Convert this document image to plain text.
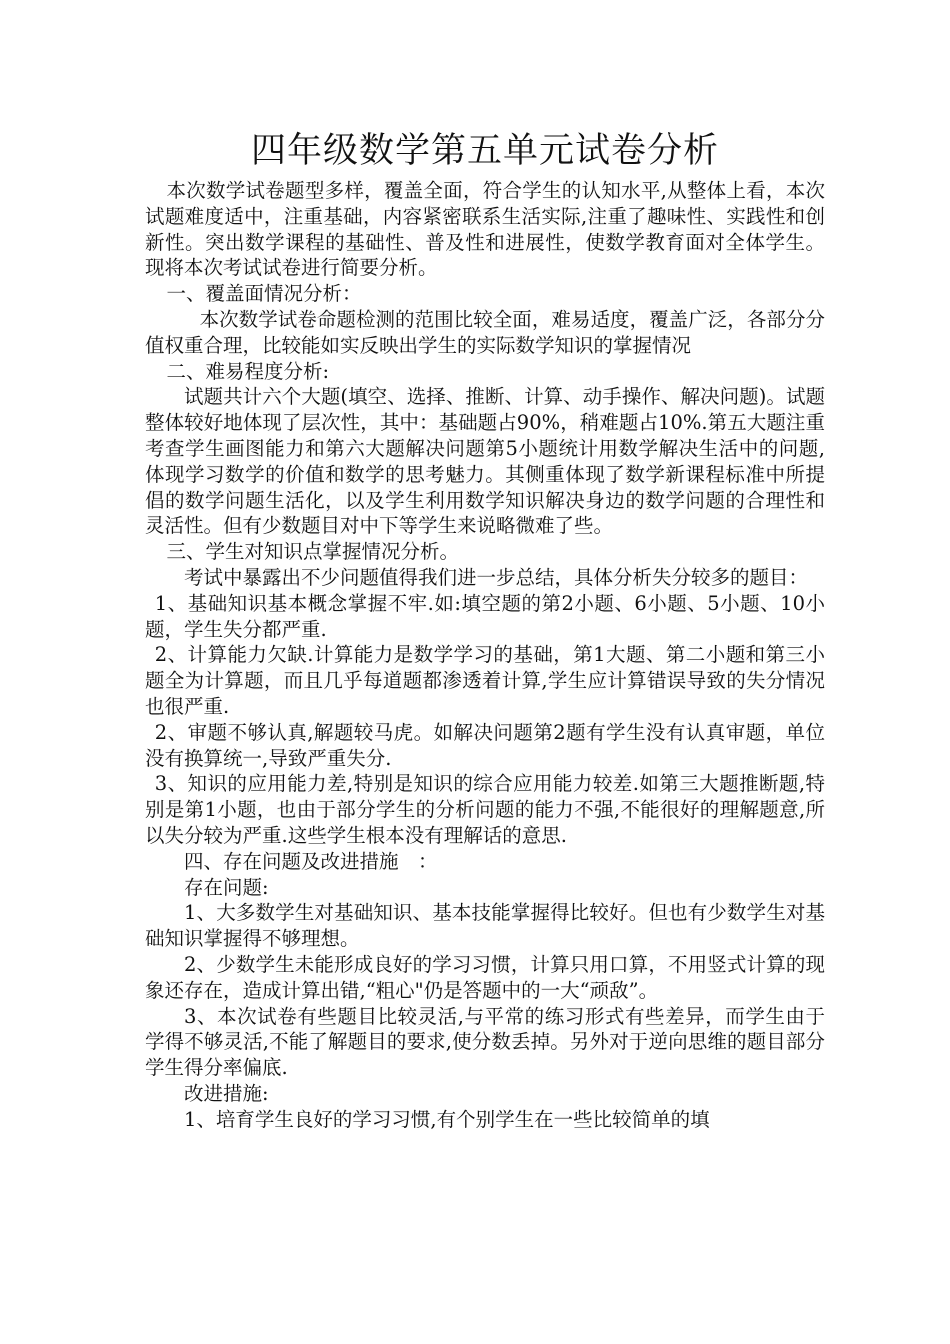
四年级数学第五单元试卷分析

本次数学试卷题型多样，覆盖全面，符合学生的认知水平,从整体上看，本次试题难度适中，注重基础，内容紧密联系生活实际,注重了趣味性、实践性和创新性。突出数学课程的基础性、普及性和进展性，使数学教育面对全体学生。现将本次考试试卷进行简要分析。

一、覆盖面情况分析：

本次数学试卷命题检测的范围比较全面，难易适度，覆盖广泛，各部分分值权重合理，比较能如实反映出学生的实际数学知识的掌握情况

二、难易程度分析:

试题共计六个大题(填空、选择、推断、计算、动手操作、解决问题)。试题整体较好地体现了层次性，其中：基础题占90%，稍难题占10%.第五大题注重考查学生画图能力和第六大题解决问题第5小题统计用数学解决生活中的问题,体现学习数学的价值和数学的思考魅力。其侧重体现了数学新课程标准中所提倡的数学问题生活化，以及学生利用数学知识解决身边的数学问题的合理性和灵活性。但有少数题目对中下等学生来说略微难了些。

三、学生对知识点掌握情况分析。

考试中暴露出不少问题值得我们进一步总结，具体分析失分较多的题目：

1、基础知识基本概念掌握不牢.如:填空题的第2小题、6小题、5小题、10小题，学生失分都严重.

2、计算能力欠缺.计算能力是数学学习的基础，第1大题、第二小题和第三小题全为计算题，而且几乎每道题都渗透着计算,学生应计算错误导致的失分情况也很严重.

2、审题不够认真,解题较马虎。如解决问题第2题有学生没有认真审题，单位没有换算统一,导致严重失分.

3、知识的应用能力差,特别是知识的综合应用能力较差.如第三大题推断题,特别是第1小题，也由于部分学生的分析问题的能力不强,不能很好的理解题意,所以失分较为严重.这些学生根本没有理解话的意思.

四、存在问题及改进措施　：

存在问题:

1、大多数学生对基础知识、基本技能掌握得比较好。但也有少数学生对基础知识掌握得不够理想。

2、少数学生未能形成良好的学习习惯，计算只用口算，不用竖式计算的现象还存在，造成计算出错,“粗心"仍是答题中的一大“顽敌”。

3、本次试卷有些题目比较灵活,与平常的练习形式有些差异，而学生由于学得不够灵活,不能了解题目的要求,使分数丢掉。另外对于逆向思维的题目部分学生得分率偏底.

改进措施:

1、培育学生良好的学习习惯,有个别学生在一些比较简单的填
